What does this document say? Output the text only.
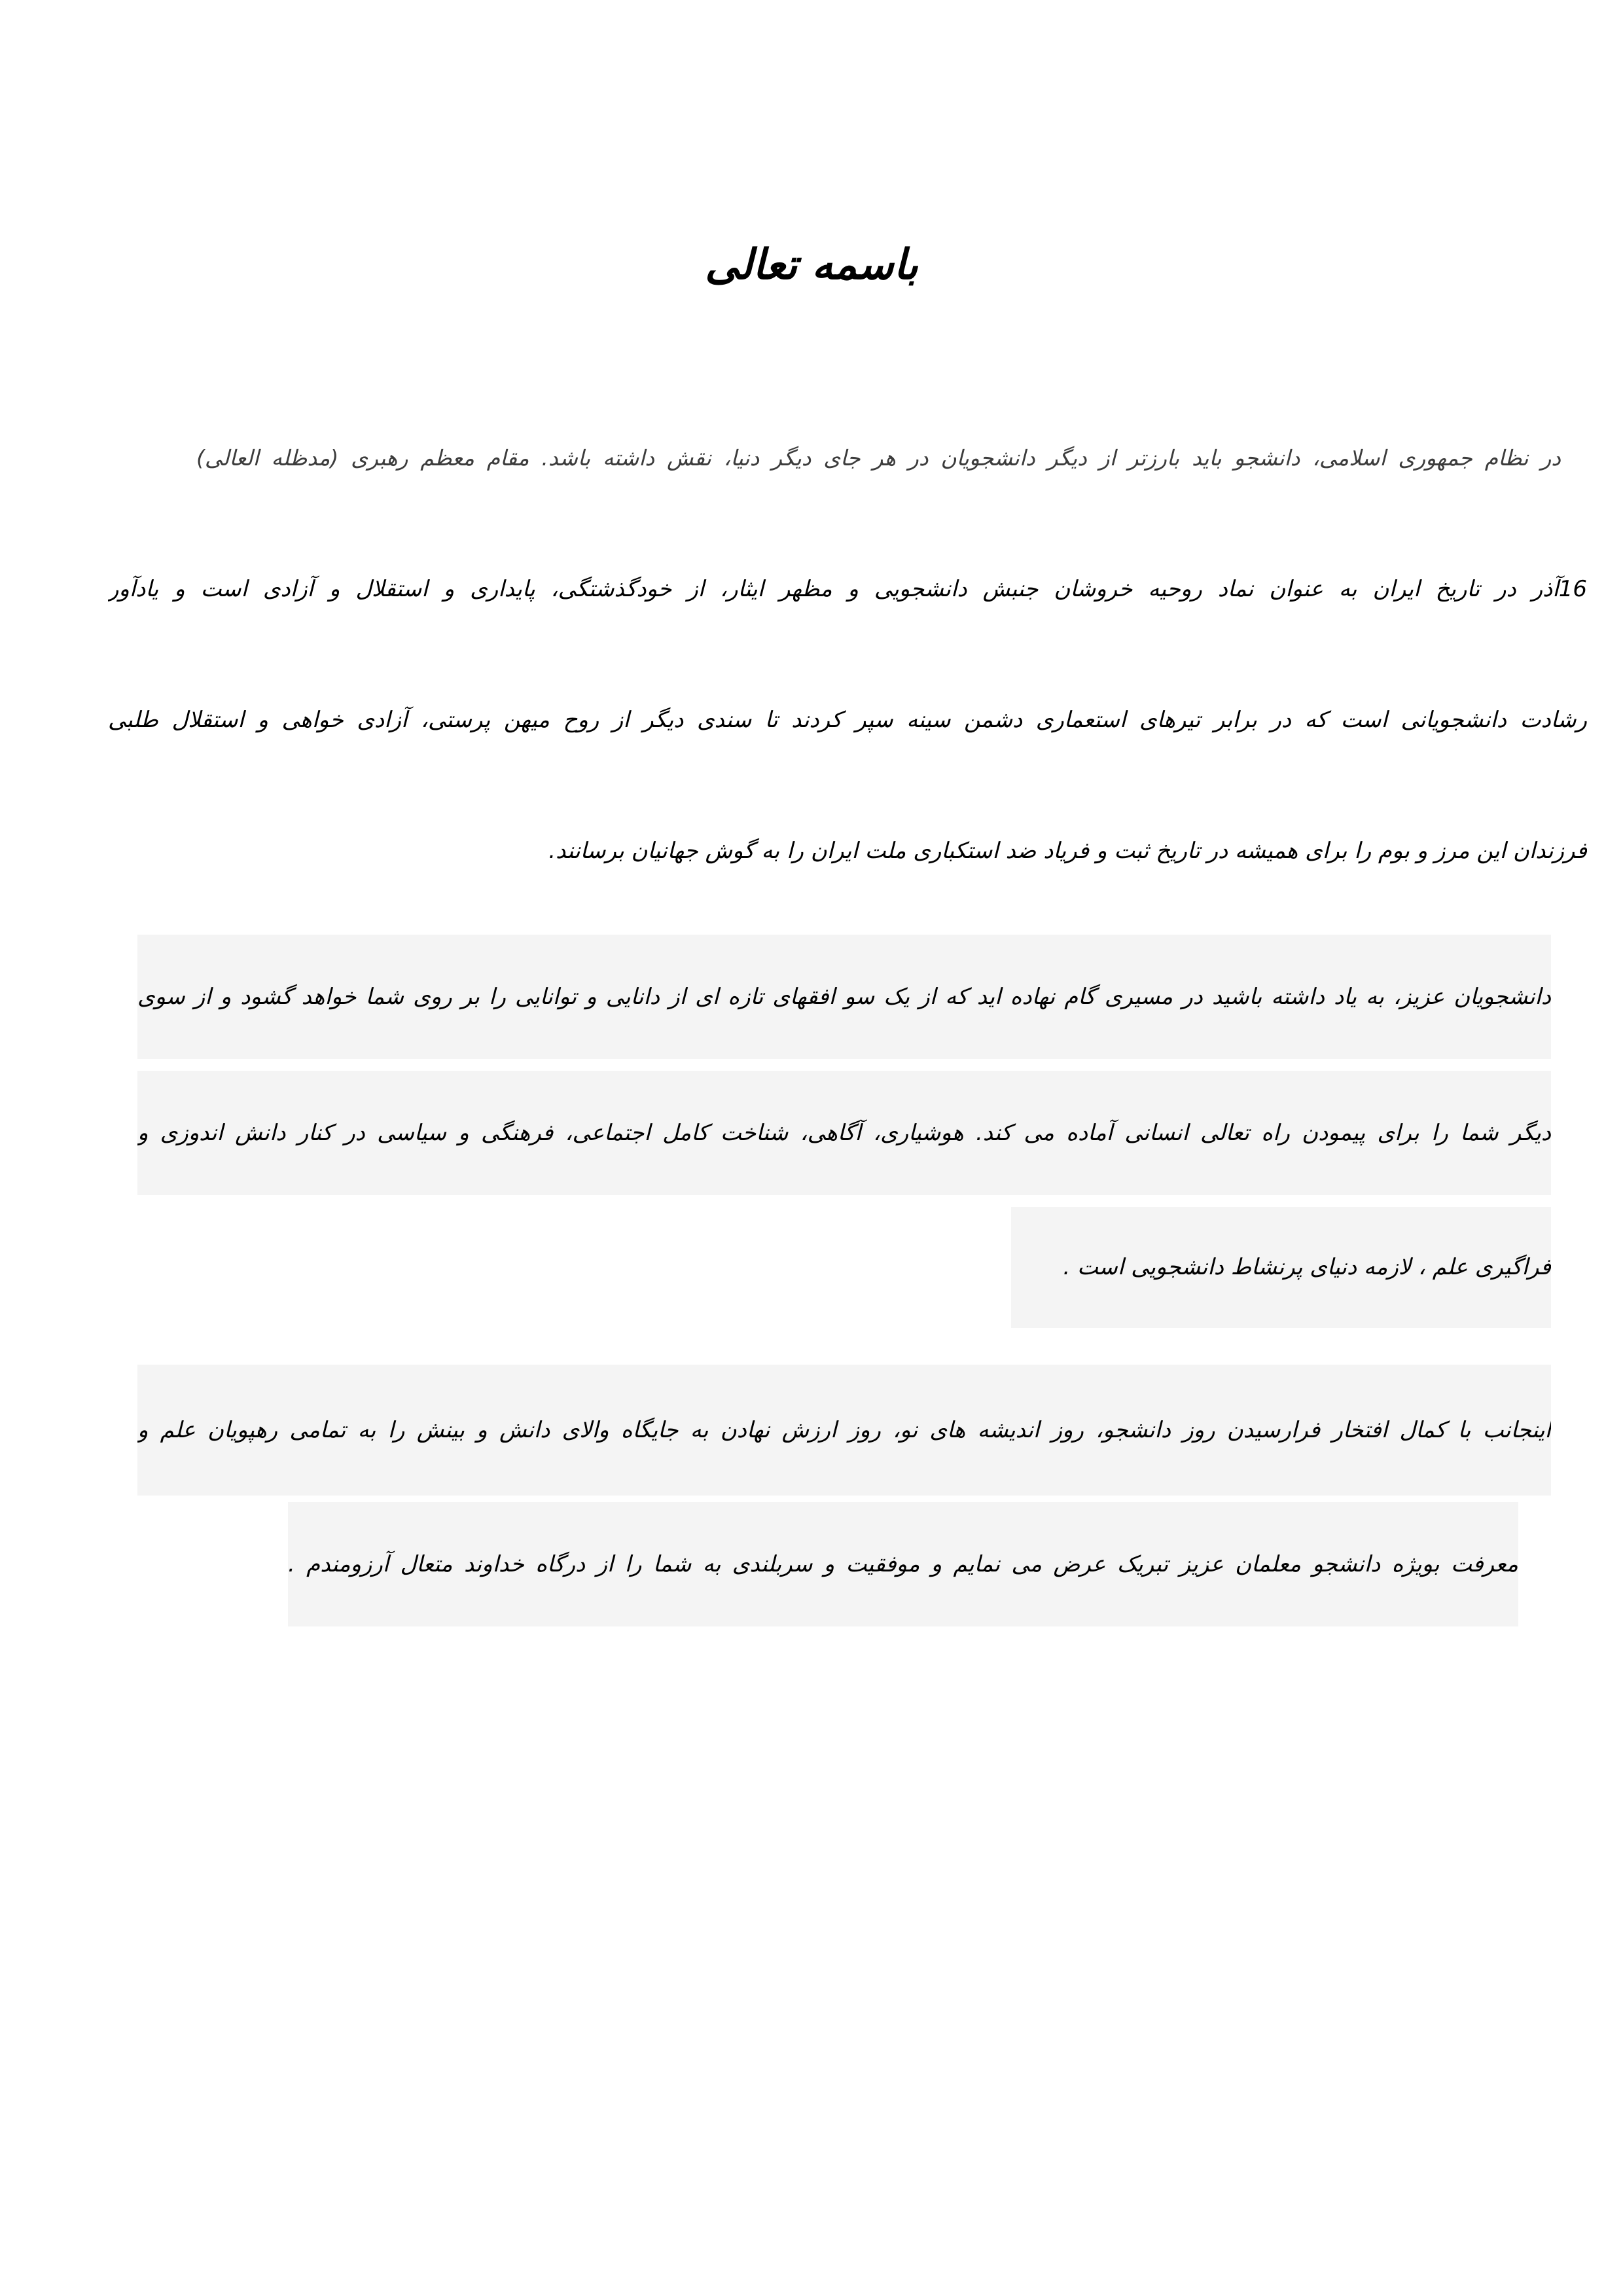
باسمه تعالی
در نظام جمهوری اسلامی، دانشجو باید بارزتر از دیگر دانشجویان در هر جای دیگر دنیا، نقش داشته باشد. مقام معظم رهبری (مدظله العالی)
16آذر در تاریخ ایران به عنوان نماد روحیه خروشان جنبش دانشجویی و مظهر ایثار، از خودگذشتگی، پایداری و استقلال و آزادی است و یادآور
رشادت دانشجویانی است که در برابر تیرهای استعماری دشمن سینه سپر کردند تا سندی دیگر از روح میهن پرستی، آزادی خواهی و استقلال طلبی
فرزندان این مرز و بوم را برای همیشه در تاریخ ثبت و فریاد ضد استکباری ملت ایران را به گوش جهانیان برسانند.
دانشجویان عزیز، به یاد داشته باشید در مسیری گام نهاده اید که از یک سو افقهای تازه ای از دانایی و توانایی را بر روی شما خواهد گشود و از سوی
دیگر شما را برای پیمودن راه تعالی انسانی آماده می کند. هوشیاری، آگاهی، شناخت کامل اجتماعی، فرهنگی و سیاسی در کنار دانش اندوزی و
فراگیری علم ، لازمه دنیای پرنشاط دانشجویی است .
اینجانب با کمال افتخار فرارسیدن روز دانشجو، روز اندیشه های نو، روز ارزش نهادن به جایگاه والای دانش و بینش را به تمامی رهپویان علم و
معرفت بویژه دانشجو معلمان عزیز تبریک عرض می نمایم و موفقیت و سربلندی به شما را از درگاه خداوند متعال آرزومندم .
